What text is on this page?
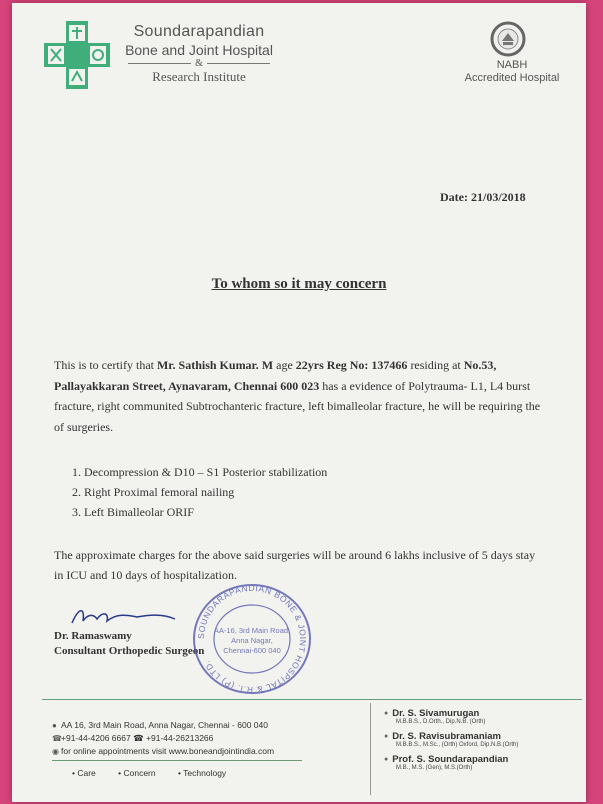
Soundarapandian
Bone and Joint Hospital
&
Research Institute
NABH
Accredited Hospital
Date: 21/03/2018
To whom so it may concern
This is to certify that Mr. Sathish Kumar. M age 22yrs Reg No: 137466 residing at No.53, Pallayakkaran Street, Aynavaram, Chennai 600 023 has a evidence of Polytrauma- L1, L4 burst fracture, right communited Subtrochanteric fracture, left bimalleolar fracture, he will be requiring the of surgeries.
1. Decompression & D10 – S1 Posterior stabilization
2. Right Proximal femoral nailing
3. Left Bimalleolar ORIF
The approximate charges for the above said surgeries will be around 6 lakhs inclusive of 5 days stay in ICU and 10 days of hospitalization.
Dr. Ramaswamy
Consultant Orthopedic Surgeon
SOUNDARAPANDIAN BONE & JOINT HOSPITAL & R.I. (P) LTD.
AA-16, 3rd Main Road,
Anna Nagar,
Chennai-600 040
● AA 16, 3rd Main Road, Anna Nagar, Chennai - 600 040
☎+91-44-4206 6667 ☎ +91-44-26213266
◉ for online appointments visit www.boneandjointindia.com
• Care	• Concern	• Technology
● Dr. S. Sivamurugan
M.B.B.S., D.Orth., Dip.N.B. (Orth)
● Dr. S. Ravisubramaniam
M.B.B.S., M.Sc., (Orth) Oxford, Dip.N.B.(Orth)
● Prof. S. Soundarapandian
M.B., M.S. (Gen), M.S.(Orth)
